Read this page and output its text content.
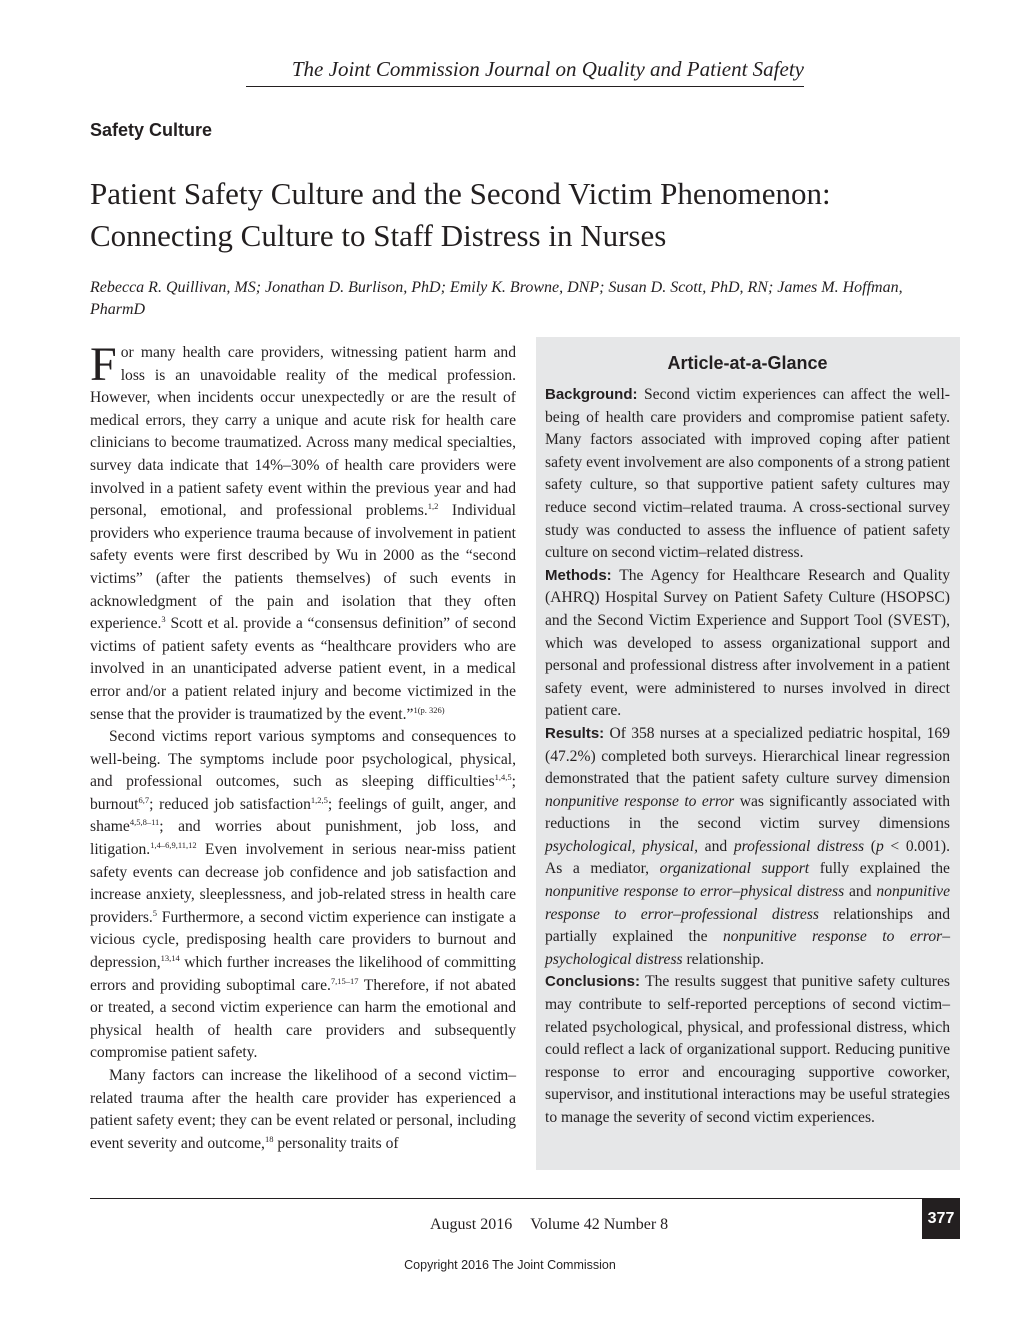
The Joint Commission Journal on Quality and Patient Safety
Safety Culture
Patient Safety Culture and the Second Victim Phenomenon:
Connecting Culture to Staff Distress in Nurses
Rebecca R. Quillivan, MS; Jonathan D. Burlison, PhD; Emily K. Browne, DNP; Susan D. Scott, PhD, RN; James M. Hoffman, PharmD

For many health care providers, witnessing patient harm and loss is an unavoidable reality of the medical profession. However, when incidents occur unexpectedly or are the result of medical errors, they carry a unique and acute risk for health care clinicians to become traumatized. Across many medical specialties, survey data indicate that 14%–30% of health care providers were involved in a patient safety event within the previous year and had personal, emotional, and professional problems.$^{1,2}$ Individual providers who experience trauma because of involvement in patient safety events were first described by Wu in 2000 as the “second victims” (after the patients themselves) of such events in acknowledgment of the pain and isolation that they often experience.$^3$ Scott et al. provide a “consensus definition” of second victims of patient safety events as “healthcare providers who are involved in an unanticipated adverse patient event, in a medical error and/or a patient related injury and become victimized in the sense that the provider is traumatized by the event.”$^{1(p. 326)}$

Second victims report various symptoms and consequences to well-being. The symptoms include poor psychological, physical, and professional outcomes, such as sleeping difficulties$^{1,4,5}$; burnout$^{6,7}$; reduced job satisfaction$^{1,2,5}$; feelings of guilt, anger, and shame$^{4,5,8-11}$; and worries about punishment, job loss, and litigation.$^{1,4-6,9,11,12}$ Even involvement in serious near-miss patient safety events can decrease job confidence and job satisfaction and increase anxiety, sleeplessness, and job-related stress in health care providers.$^5$ Furthermore, a second victim experience can instigate a vicious cycle, predisposing health care providers to burnout and depression,$^{13,14}$ which further increases the likelihood of committing errors and providing suboptimal care.$^{7,15-17}$ Therefore, if not abated or treated, a second victim experience can harm the emotional and physical health of health care providers and subsequently compromise patient safety.

Many factors can increase the likelihood of a second victim–related trauma after the health care provider has experienced a patient safety event; they can be event related or personal, including event severity and outcome,$^{18}$ personality traits of

Article-at-a-Glance

Background: Second victim experiences can affect the well-being of health care providers and compromise patient safety. Many factors associated with improved coping after patient safety event involvement are also components of a strong patient safety culture, so that supportive patient safety cultures may reduce second victim–related trauma. A cross-sectional survey study was conducted to assess the influence of patient safety culture on second victim–related distress.

Methods: The Agency for Healthcare Research and Quality (AHRQ) Hospital Survey on Patient Safety Culture (HSOPSC) and the Second Victim Experience and Support Tool (SVEST), which was developed to assess organizational support and personal and professional distress after involvement in a patient safety event, were administered to nurses involved in direct patient care.

Results: Of 358 nurses at a specialized pediatric hospital, 169 (47.2%) completed both surveys. Hierarchical linear regression demonstrated that the patient safety culture survey dimension nonpunitive response to error was significantly associated with reductions in the second victim survey dimensions psychological, physical, and professional distress (p < 0.001). As a mediator, organizational support fully explained the nonpunitive response to error–physical distress and nonpunitive response to error–professional distress relationships and partially explained the nonpunitive response to error–psychological distress relationship.

Conclusions: The results suggest that punitive safety cultures may contribute to self-reported perceptions of second victim–related psychological, physical, and professional distress, which could reflect a lack of organizational support. Reducing punitive response to error and encouraging supportive coworker, supervisor, and institutional interactions may be useful strategies to manage the severity of second victim experiences.

August 2016 Volume 42 Number 8	377
Copyright 2016 The Joint Commission
